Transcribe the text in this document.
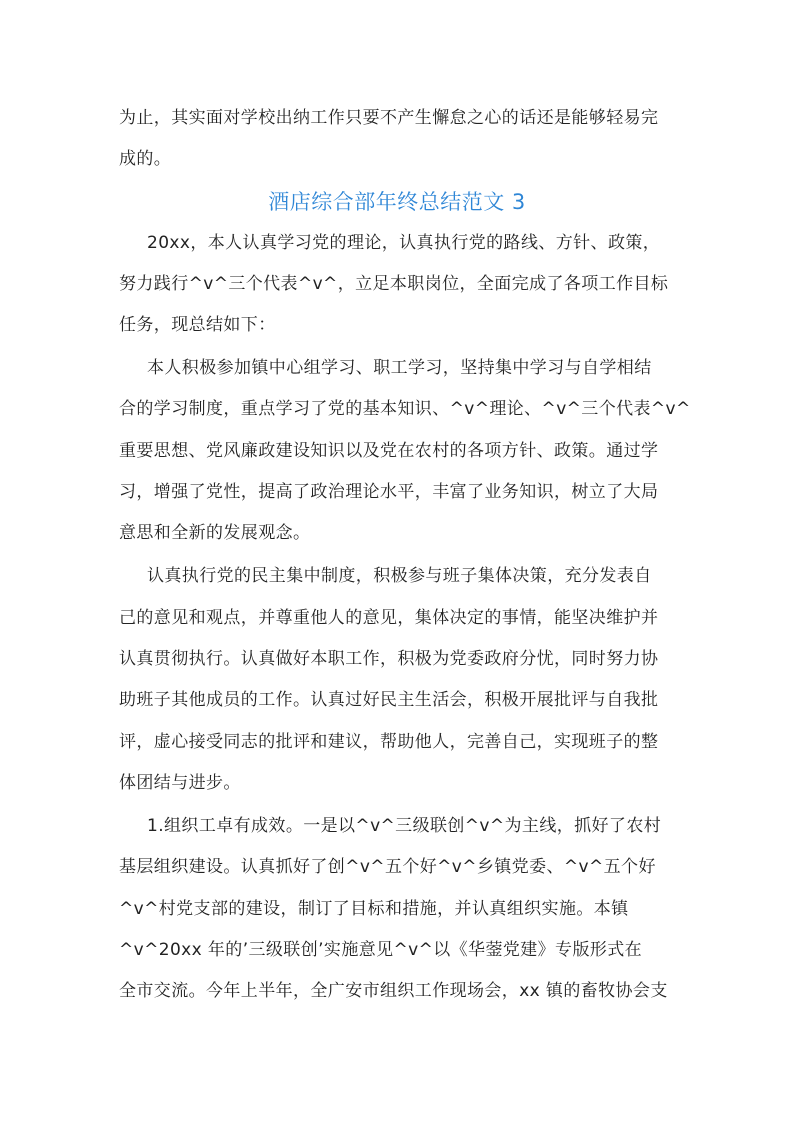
为止，其实面对学校出纳工作只要不产生懈怠之心的话还是能够轻易完
成的。
酒店综合部年终总结范文 3
20xx，本人认真学习党的理论，认真执行党的路线、方针、政策，
努力践行^v^三个代表^v^，立足本职岗位，全面完成了各项工作目标
任务，现总结如下：
本人积极参加镇中心组学习、职工学习，坚持集中学习与自学相结
合的学习制度，重点学习了党的基本知识、^v^理论、^v^三个代表^v^
重要思想、党风廉政建设知识以及党在农村的各项方针、政策。通过学
习，增强了党性，提高了政治理论水平，丰富了业务知识，树立了大局
意思和全新的发展观念。
认真执行党的民主集中制度，积极参与班子集体决策，充分发表自
己的意见和观点，并尊重他人的意见，集体决定的事情，能坚决维护并
认真贯彻执行。认真做好本职工作，积极为党委政府分忧，同时努力协
助班子其他成员的工作。认真过好民主生活会，积极开展批评与自我批
评，虚心接受同志的批评和建议，帮助他人，完善自己，实现班子的整
体团结与进步。
1.组织工卓有成效。一是以^v^三级联创^v^为主线，抓好了农村
基层组织建设。认真抓好了创^v^五个好^v^乡镇党委、^v^五个好
^v^村党支部的建设，制订了目标和措施，并认真组织实施。本镇
^v^20xx 年的’三级联创’实施意见^v^以《华蓥党建》专版形式在
全市交流。今年上半年，全广安市组织工作现场会，xx 镇的畜牧协会支
